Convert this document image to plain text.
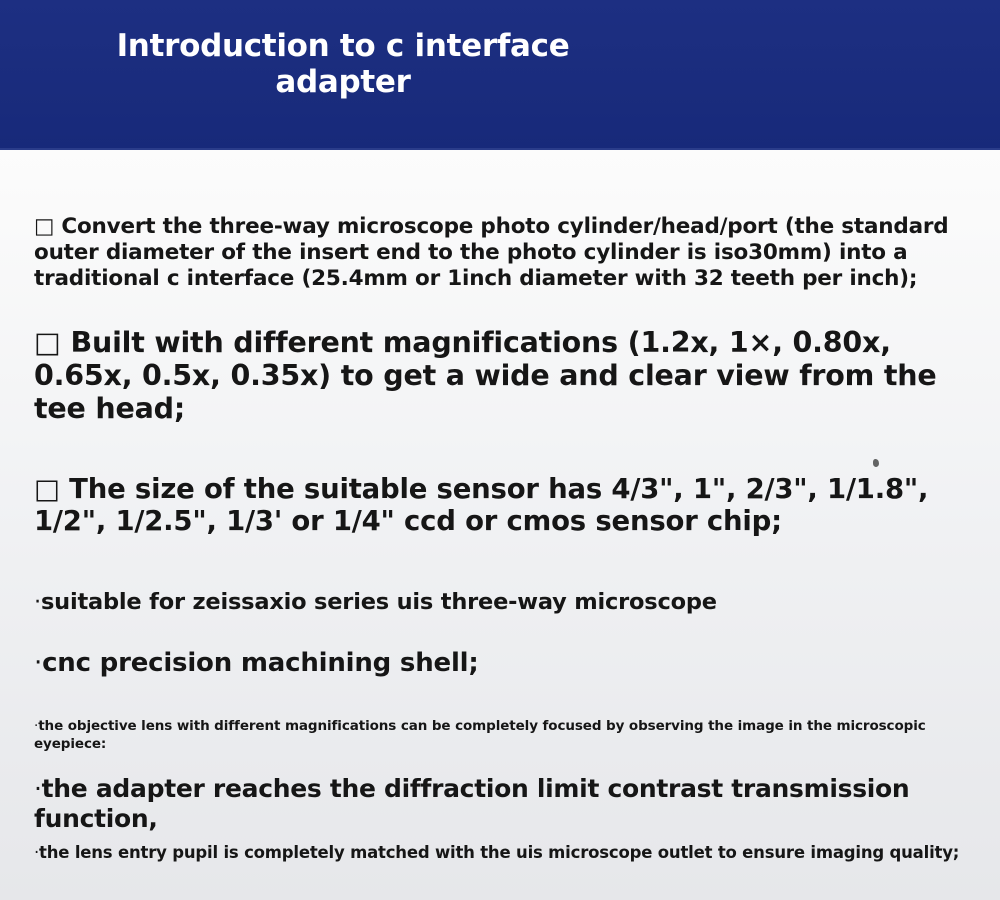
Introduction to c interface adapter

□ Convert the three-way microscope photo cylinder/head/port (the standard outer diameter of the insert end to the photo cylinder is iso30mm) into a traditional c interface (25.4mm or 1inch diameter with 32 teeth per inch);

□ Built with different magnifications (1.2x, 1×, 0.80x, 0.65x, 0.5x, 0.35x) to get a wide and clear view from the tee head;

□ The size of the suitable sensor has 4/3", 1", 2/3", 1/1.8", 1/2", 1/2.5", 1/3' or 1/4" ccd or cmos sensor chip;

·suitable for zeissaxio series uis three-way microscope

·cnc precision machining shell;

·the objective lens with different magnifications can be completely focused by observing the image in the microscopic eyepiece:

·the adapter reaches the diffraction limit contrast transmission function,

·the lens entry pupil is completely matched with the uis microscope outlet to ensure imaging quality;
